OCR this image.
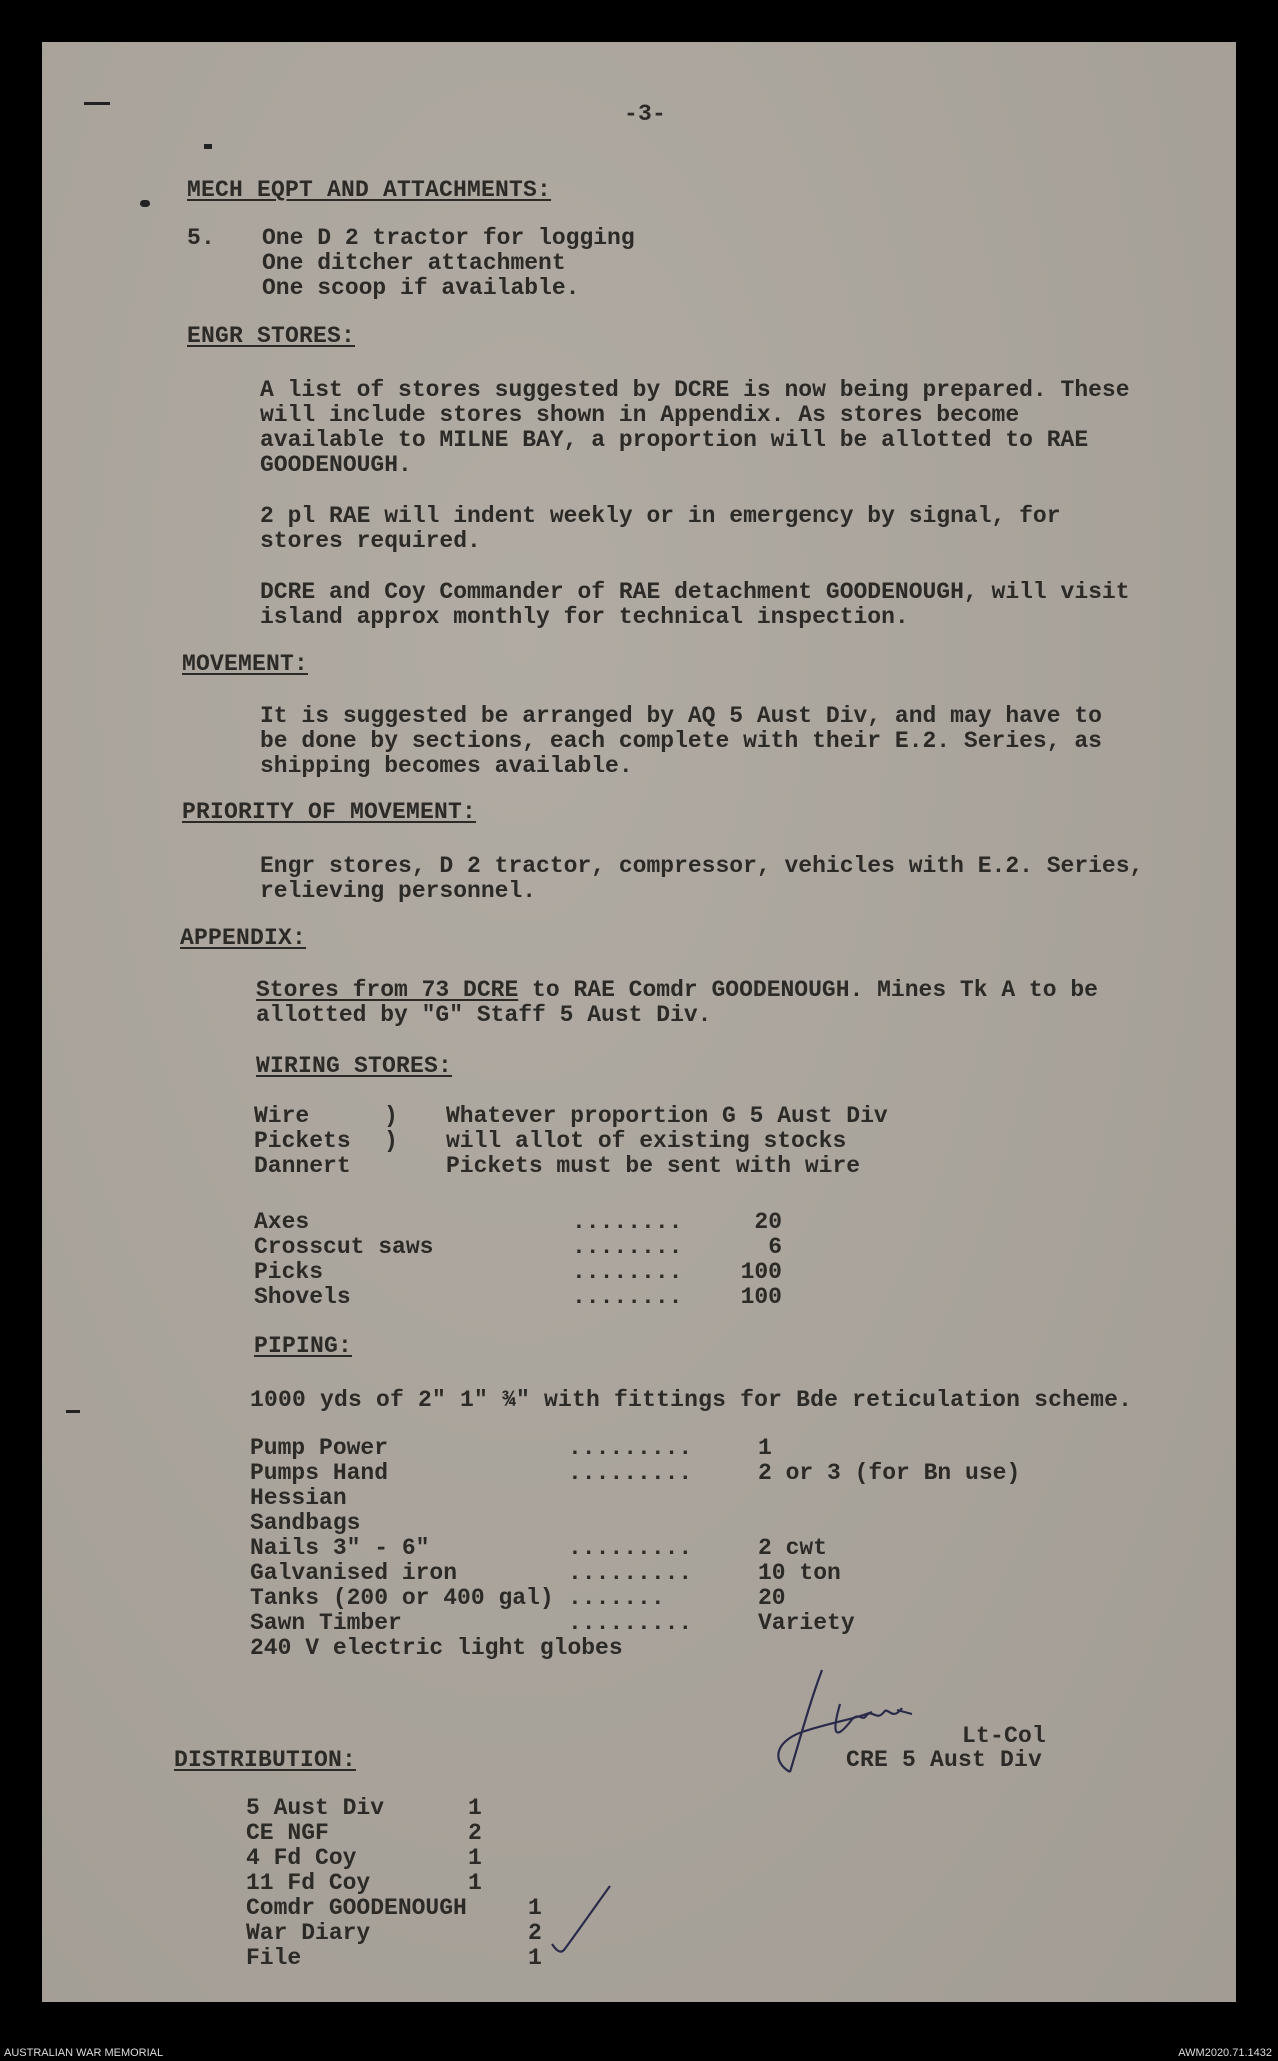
-3-
MECH EQPT AND ATTACHMENTS:
5. One D 2 tractor for logging

One ditcher attachment

One scoop if available.

ENGR STORES:

A list of stores suggested by DCRE is now being prepared. These

will include stores shown in Appendix. As stores become

available to MILNE BAY, a proportion will be allotted to RAE

GOODENOUGH.

2 pl RAE will indent weekly or in emergency by signal, for

stores required.

DCRE and Coy Commander of RAE detachment GOODENOUGH, will visit

island approx monthly for technical inspection.

MOVEMENT:

It is suggested be arranged by AQ 5 Aust Div, and may have to

be done by sections, each complete with their E.2. Series, as

shipping becomes available.

PRIORITY OF MOVEMENT:

Engr stores, D 2 tractor, compressor, vehicles with E.2. Series,

relieving personnel.

APPENDIX:

Stores from 73 DCRE to RAE Comdr GOODENOUGH. Mines Tk A to be

allotted by "G" Staff 5 Aust Div.

WIRING STORES:

Wire	) Whatever proportion G 5 Aust Div

Pickets ) will allot of existing stocks

Dannert	Pickets must be sent with wire

Axes	........	20

Crosscut saws	........	6

Picks	........	100

Shovels	........	100

PIPING:
1000 yds of 2" 1" ¾" with fittings for Bde reticulation scheme.

Pump Power	.........	1

Pumps Hand	.........	2 or 3 (for Bn use)

Hessian

Sandbags

Nails 3" - 6"	.........	2 cwt

Galvanised iron	.........	10 ton

Tanks (200 or 400 gal) .......	20

Sawn Timber	.........	Variety

240 V electric light globes

Lt-Col
CRE 5 Aust Div
DISTRIBUTION:

5 Aust Div	1

CE NGF	2

4 Fd Coy	1

11 Fd Coy	1

Comdr GOODENOUGH	1

War Diary	2

File	1

AUSTRALIAN WAR MEMORIAL	AWM2020.71.1432
